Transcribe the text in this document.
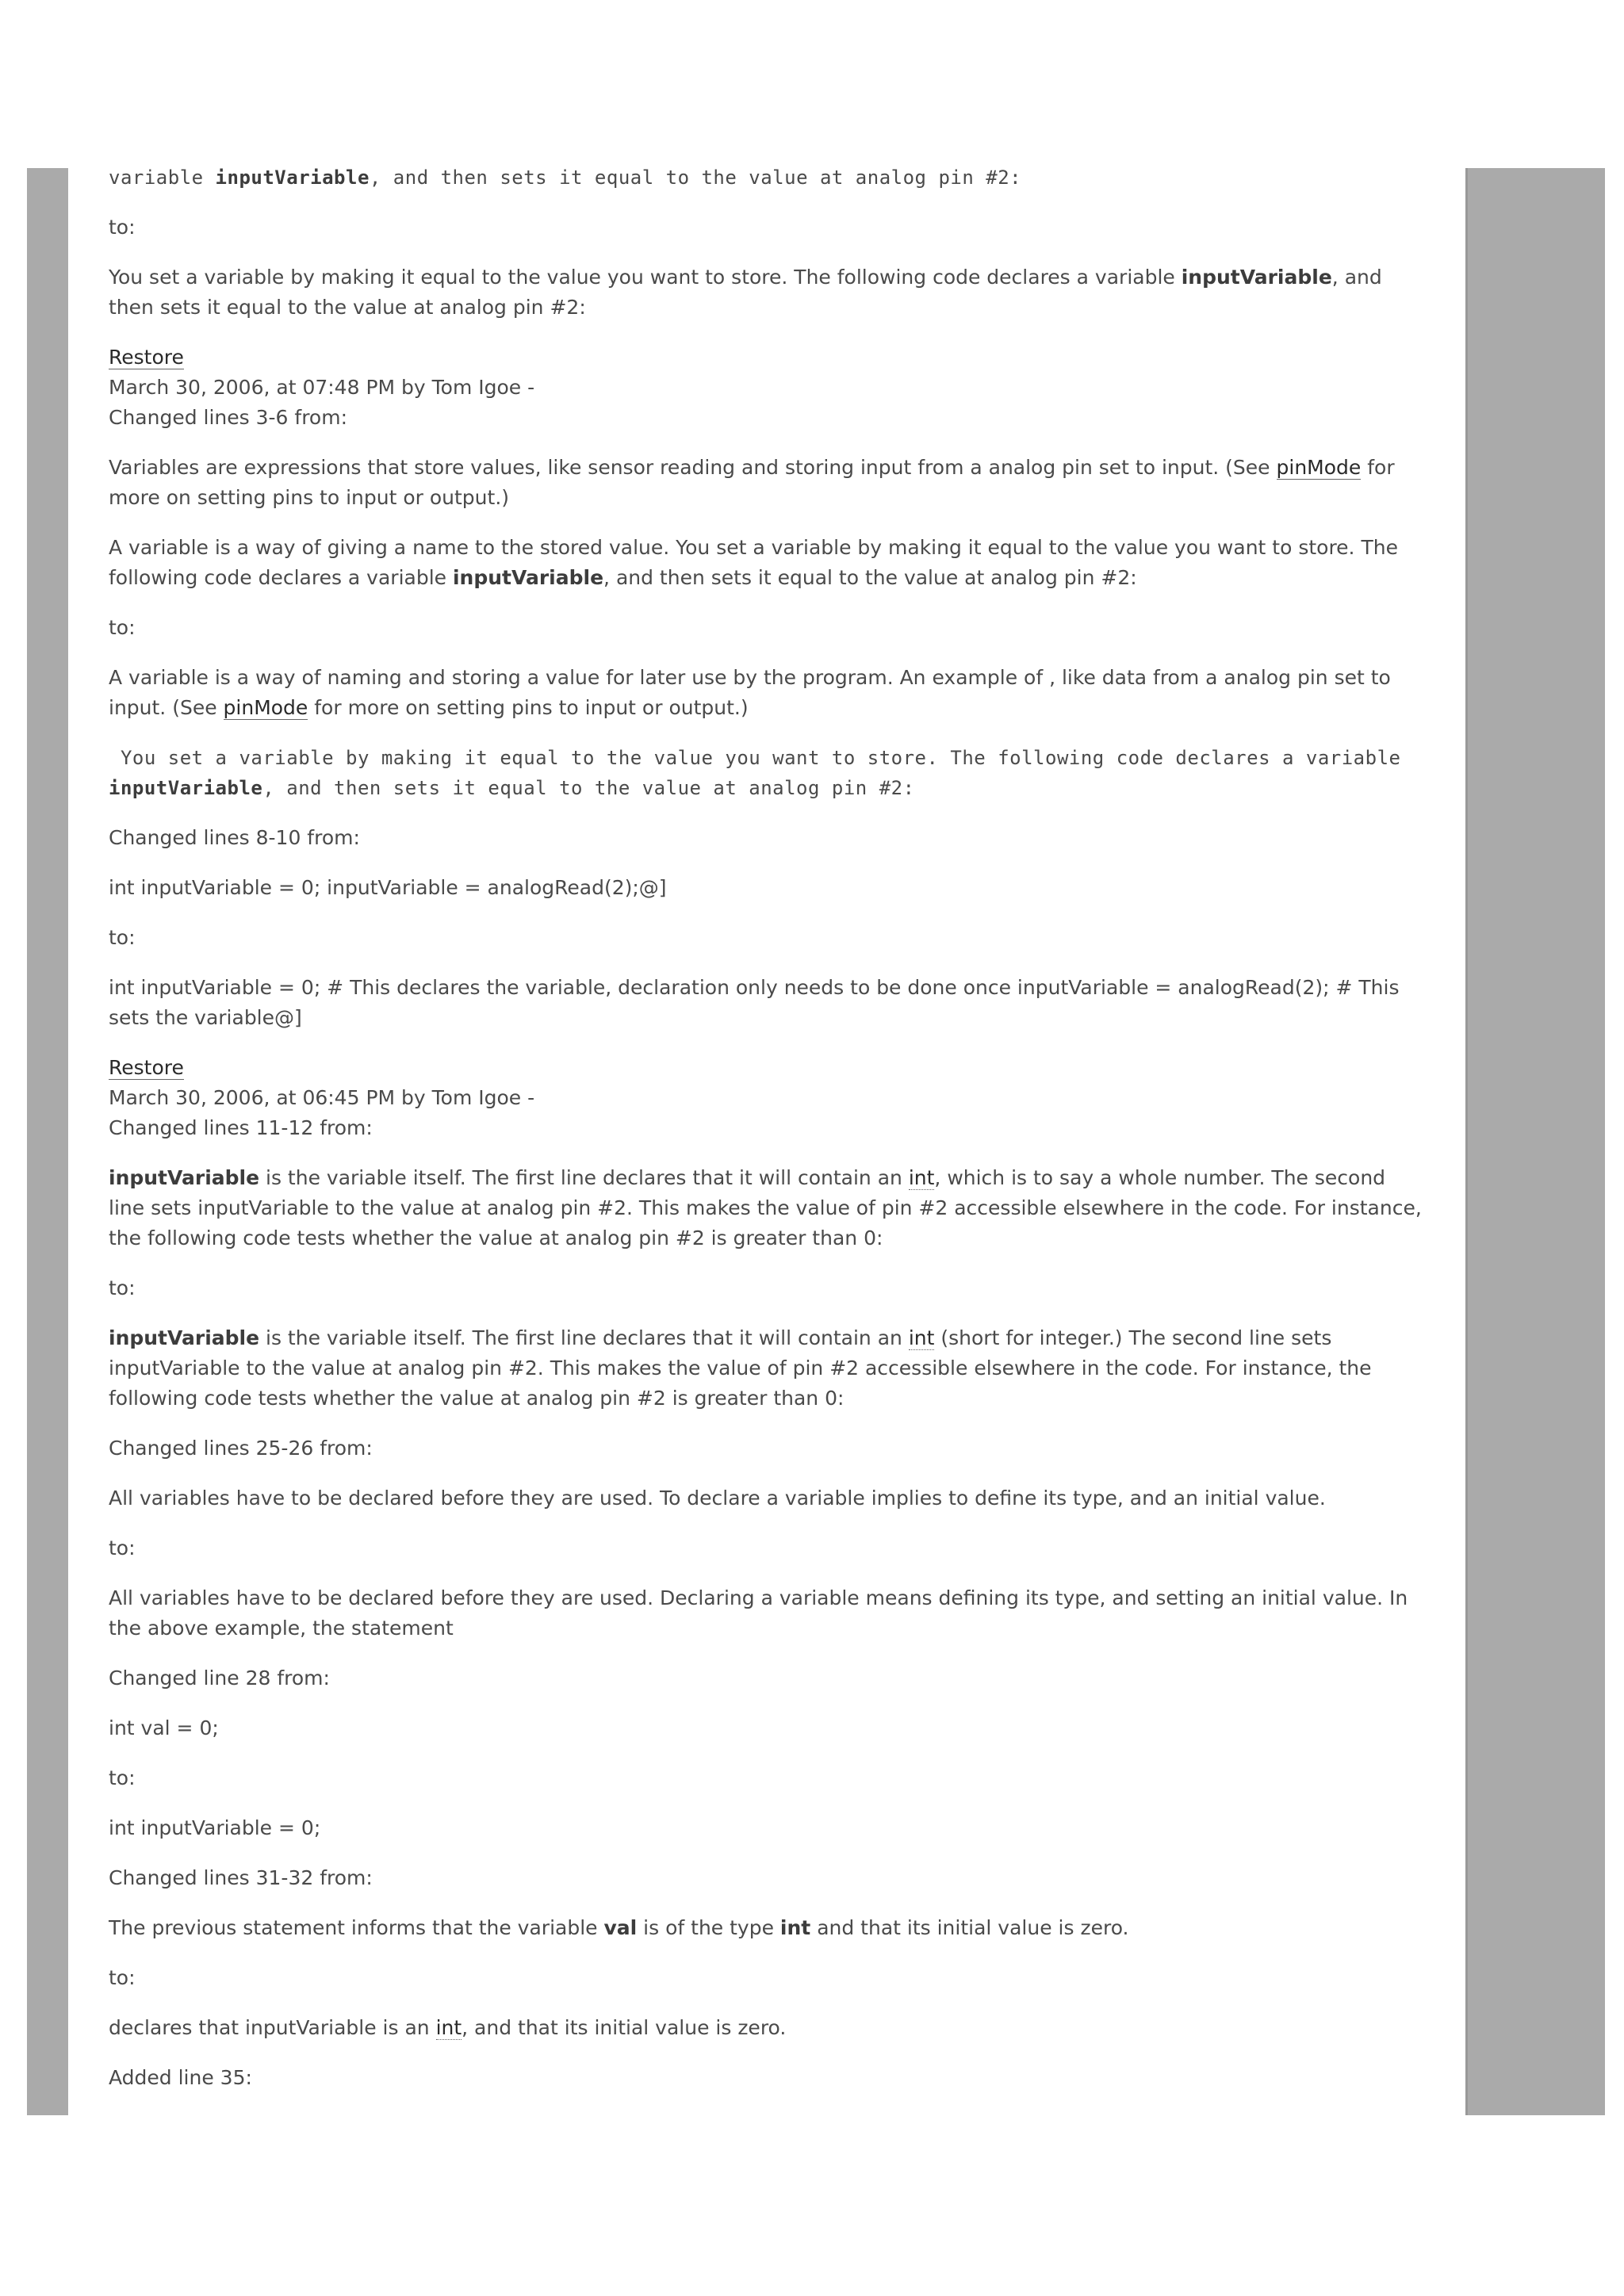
variable inputVariable, and then sets it equal to the value at analog pin #2:

to:

You set a variable by making it equal to the value you want to store. The following code declares a variable inputVariable, and then sets it equal to the value at analog pin #2:

Restore

March 30, 2006, at 07:48 PM by Tom Igoe -

Changed lines 3-6 from:

Variables are expressions that store values, like sensor reading and storing input from a analog pin set to input. (See pinMode for more on setting pins to input or output.)

A variable is a way of giving a name to the stored value. You set a variable by making it equal to the value you want to store. The following code declares a variable inputVariable, and then sets it equal to the value at analog pin #2:

to:

A variable is a way of naming and storing a value for later use by the program. An example of , like data from a analog pin set to input. (See pinMode for more on setting pins to input or output.)

You set a variable by making it equal to the value you want to store. The following code declares a variable inputVariable, and then sets it equal to the value at analog pin #2:

Changed lines 8-10 from:

int inputVariable = 0; inputVariable = analogRead(2);@]

to:

int inputVariable = 0; # This declares the variable, declaration only needs to be done once inputVariable = analogRead(2); # This sets the variable@]

Restore

March 30, 2006, at 06:45 PM by Tom Igoe -

Changed lines 11-12 from:

inputVariable is the variable itself. The first line declares that it will contain an int, which is to say a whole number. The second line sets inputVariable to the value at analog pin #2. This makes the value of pin #2 accessible elsewhere in the code. For instance, the following code tests whether the value at analog pin #2 is greater than 0:

to:

inputVariable is the variable itself. The first line declares that it will contain an int (short for integer.) The second line sets inputVariable to the value at analog pin #2. This makes the value of pin #2 accessible elsewhere in the code. For instance, the following code tests whether the value at analog pin #2 is greater than 0:

Changed lines 25-26 from:

All variables have to be declared before they are used. To declare a variable implies to define its type, and an initial value.

to:

All variables have to be declared before they are used. Declaring a variable means defining its type, and setting an initial value. In the above example, the statement

Changed line 28 from:

int val = 0;

to:

int inputVariable = 0;

Changed lines 31-32 from:

The previous statement informs that the variable val is of the type int and that its initial value is zero.

to:

declares that inputVariable is an int, and that its initial value is zero.

Added line 35:
